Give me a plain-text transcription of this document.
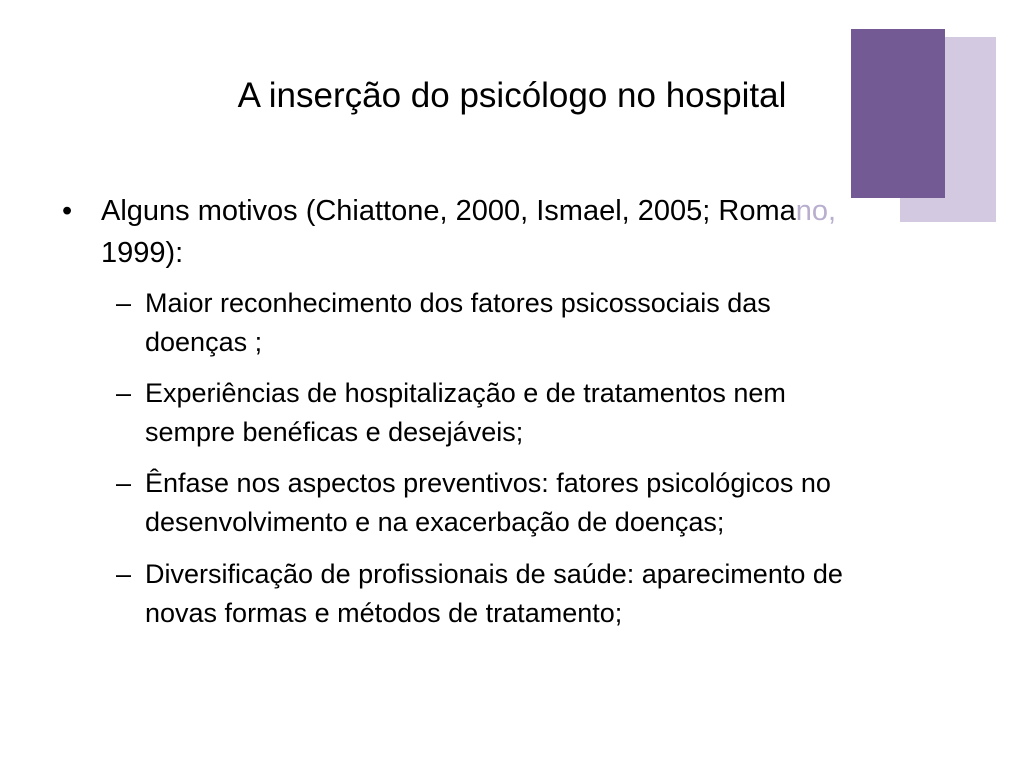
A inserção do psicólogo no hospital
• Alguns motivos (Chiattone, 2000, Ismael, 2005; Romano,
1999):
– Maior reconhecimento dos fatores psicossociais das
doenças ;
– Experiências de hospitalização e de tratamentos nem
sempre benéficas e desejáveis;
– Ênfase nos aspectos preventivos: fatores psicológicos no
desenvolvimento e na exacerbação de doenças;
– Diversificação de profissionais de saúde: aparecimento de
novas formas e métodos de tratamento;
